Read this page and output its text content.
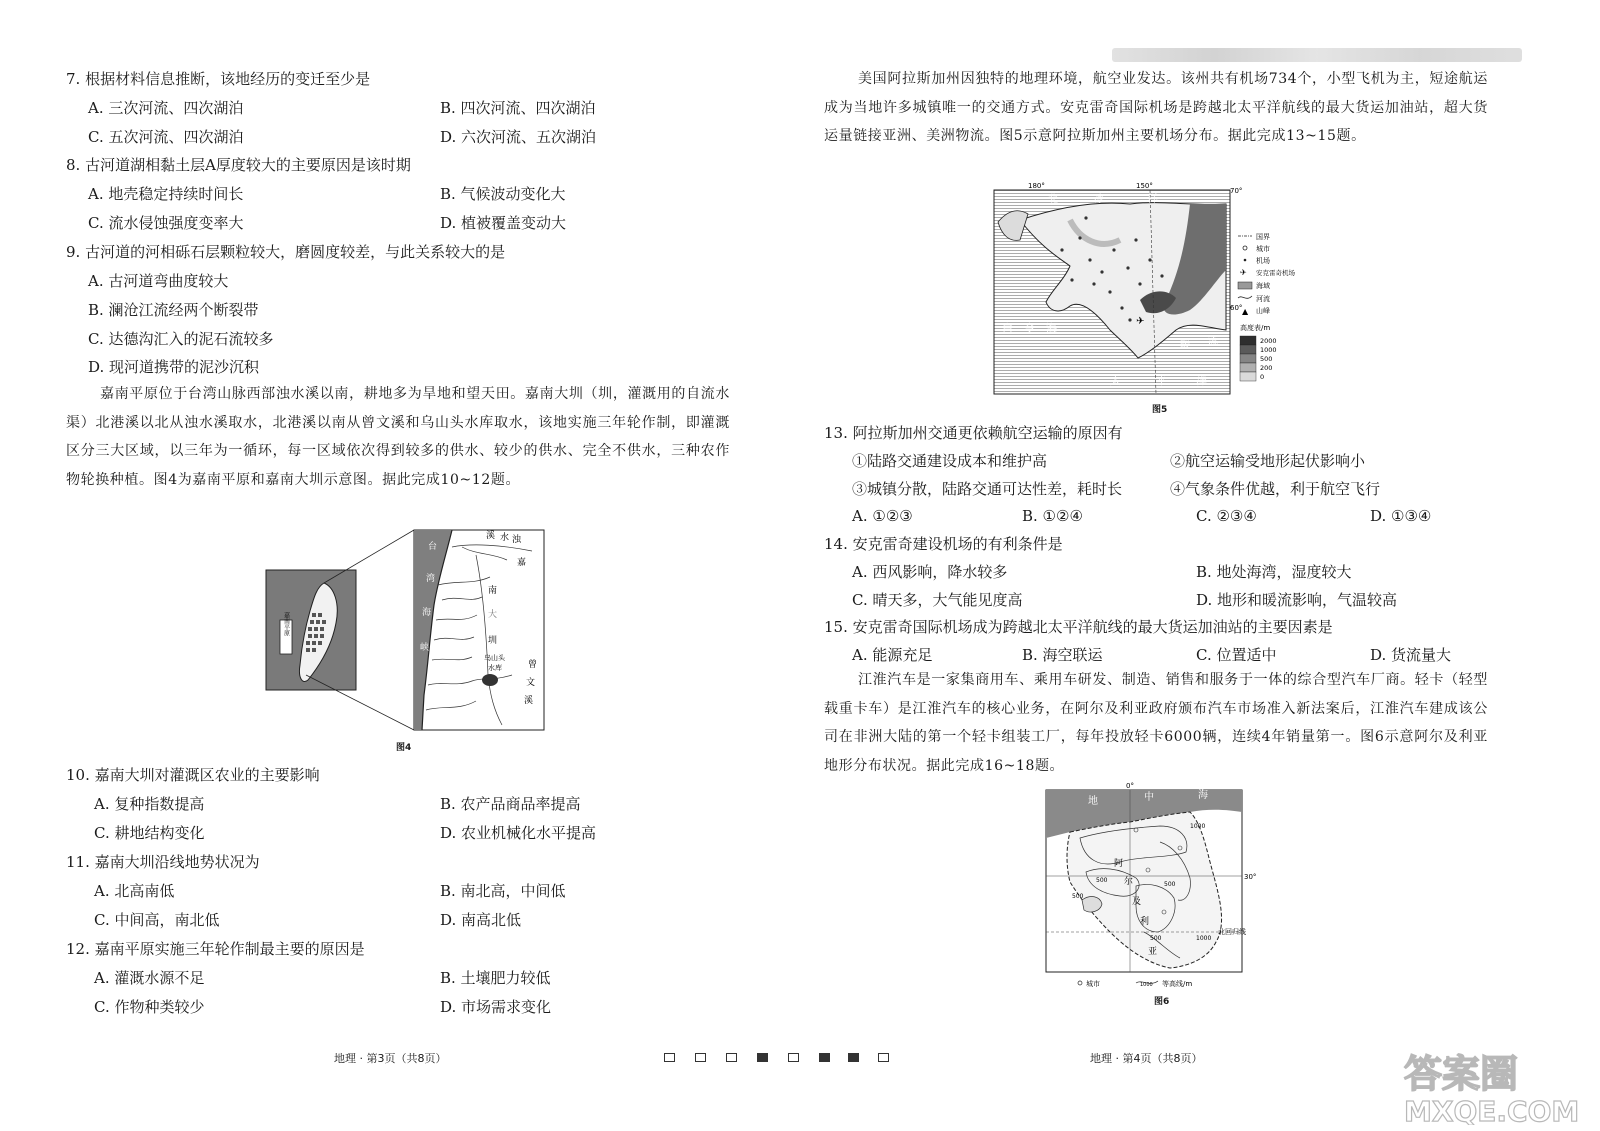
7. 根据材料信息推断，该地经历的变迁至少是
A. 三次河流、四次湖泊	B. 四次河流、四次湖泊
C. 五次河流、四次湖泊	D. 六次河流、五次湖泊
8. 古河道湖相黏土层A厚度较大的主要原因是该时期
A. 地壳稳定持续时间长	B. 气候波动变化大
C. 流水侵蚀强度变率大	D. 植被覆盖变动大
9. 古河道的河相砾石层颗粒较大，磨圆度较差，与此关系较大的是
A. 古河道弯曲度较大
B. 澜沧江流经两个断裂带
C. 达德沟汇入的泥石流较多
D. 现河道携带的泥沙沉积
嘉南平原位于台湾山脉西部浊水溪以南，耕地多为旱地和望天田。嘉南大圳（圳，灌溉用的自流水渠）北港溪以北从浊水溪取水，北港溪以南从曾文溪和乌山头水库取水，该地实施三年轮作制，即灌溉区分三大区域，以三年为一循环，每一区域依次得到较多的供水、较少的供水、完全不供水，三种农作物轮换种植。图4为嘉南平原和嘉南大圳示意图。据此完成10~12题。
嘉南平原
台
湾
海
峡
浊
水
溪
嘉
南
大
圳
乌山头
水库	曾
文
溪
图4
10. 嘉南大圳对灌溉区农业的主要影响
A. 复种指数提高	B. 农产品商品率提高
C. 耕地结构变化	D. 农业机械化水平提高
11. 嘉南大圳沿线地势状况为
A. 北高南低	B. 南北高，中间低
C. 中间高，南北低	D. 南高北低
12. 嘉南平原实施三年轮作制最主要的原因是
A. 灌溉水源不足	B. 土壤肥力较低
C. 作物种类较少	D. 市场需求变化
地理 · 第3页（共8页）
美国阿拉斯加州因独特的地理环境，航空业发达。该州共有机场734个，小型飞机为主，短途航运成为当地许多城镇唯一的交通方式。安克雷奇国际机场是跨越北太平洋航线的最大货运加油站，超大货运量链接亚洲、美洲物流。图5示意阿拉斯加州主要机场分布。据此完成13~15题。
✈
180°	150°
70°
60°
北	冰	洋
白 令 海
暖 流
太	平	洋
国界
城市
机场
✈ 安克雷奇机场
海域
河流
▲ 山峰
高度表/m
2000
1000
500
200
0
图5
13. 阿拉斯加州交通更依赖航空运输的原因有
①陆路交通建设成本和维护高	②航空运输受地形起伏影响小
③城镇分散，陆路交通可达性差，耗时长	④气象条件优越，利于航空飞行
A. ①②③	B. ①②④	C. ②③④	D. ①③④
14. 安克雷奇建设机场的有利条件是
A. 西风影响，降水较多	B. 地处海湾，湿度较大
C. 晴天多，大气能见度高	D. 地形和暖流影响，气温较高
15. 安克雷奇国际机场成为跨越北太平洋航线的最大货运加油站的主要因素是
A. 能源充足	B. 海空联运	C. 位置适中	D. 货流量大
江淮汽车是一家集商用车、乘用车研发、制造、销售和服务于一体的综合型汽车厂商。轻卡（轻型载重卡车）是江淮汽车的核心业务，在阿尔及利亚政府颁布汽车市场准入新法案后，江淮汽车建成该公司在非洲大陆的第一个轻卡组装工厂，每年投放轻卡6000辆，连续4年销量第一。图6示意阿尔及利亚地形分布状况。据此完成16~18题。
0°
30°
北回归线
地	中	海
阿
尔
及
利
亚
1000
500
500
500
500	1000
城市	1000 等高线/m
图6
地理 · 第4页（共8页）	答案圈
MXQE.COM
